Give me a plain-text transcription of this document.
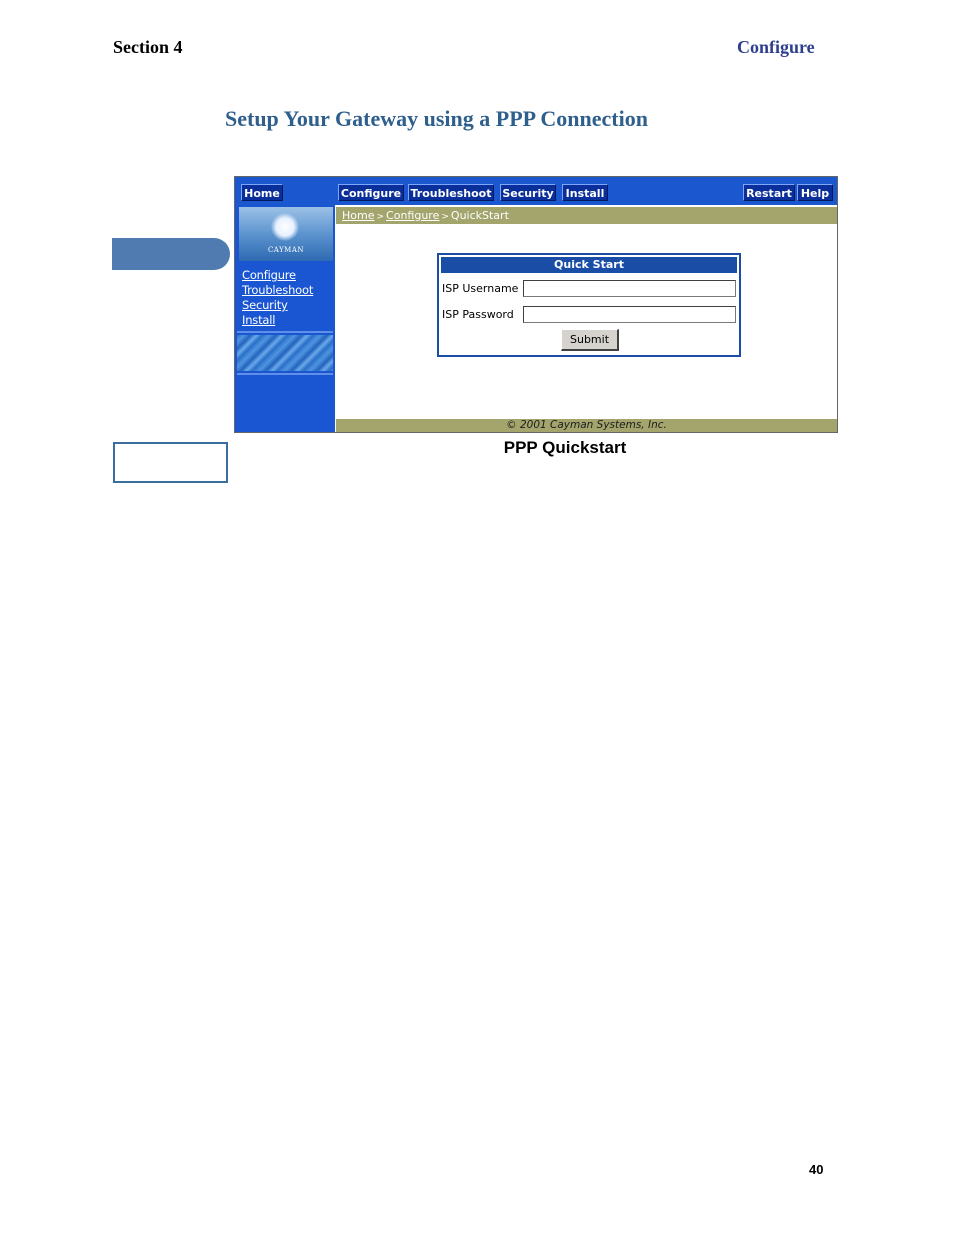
Section 4	Configure
Setup Your Gateway using a PPP Connection
Home	Configure Troubleshoot Security	Install	Restart Help
CAYMAN
Configure
Troubleshoot
Security
Install
Home > Configure > QuickStart
Quick Start
ISP Username
ISP Password
Submit
© 2001 Cayman Systems, Inc.
PPP Quickstart
40
